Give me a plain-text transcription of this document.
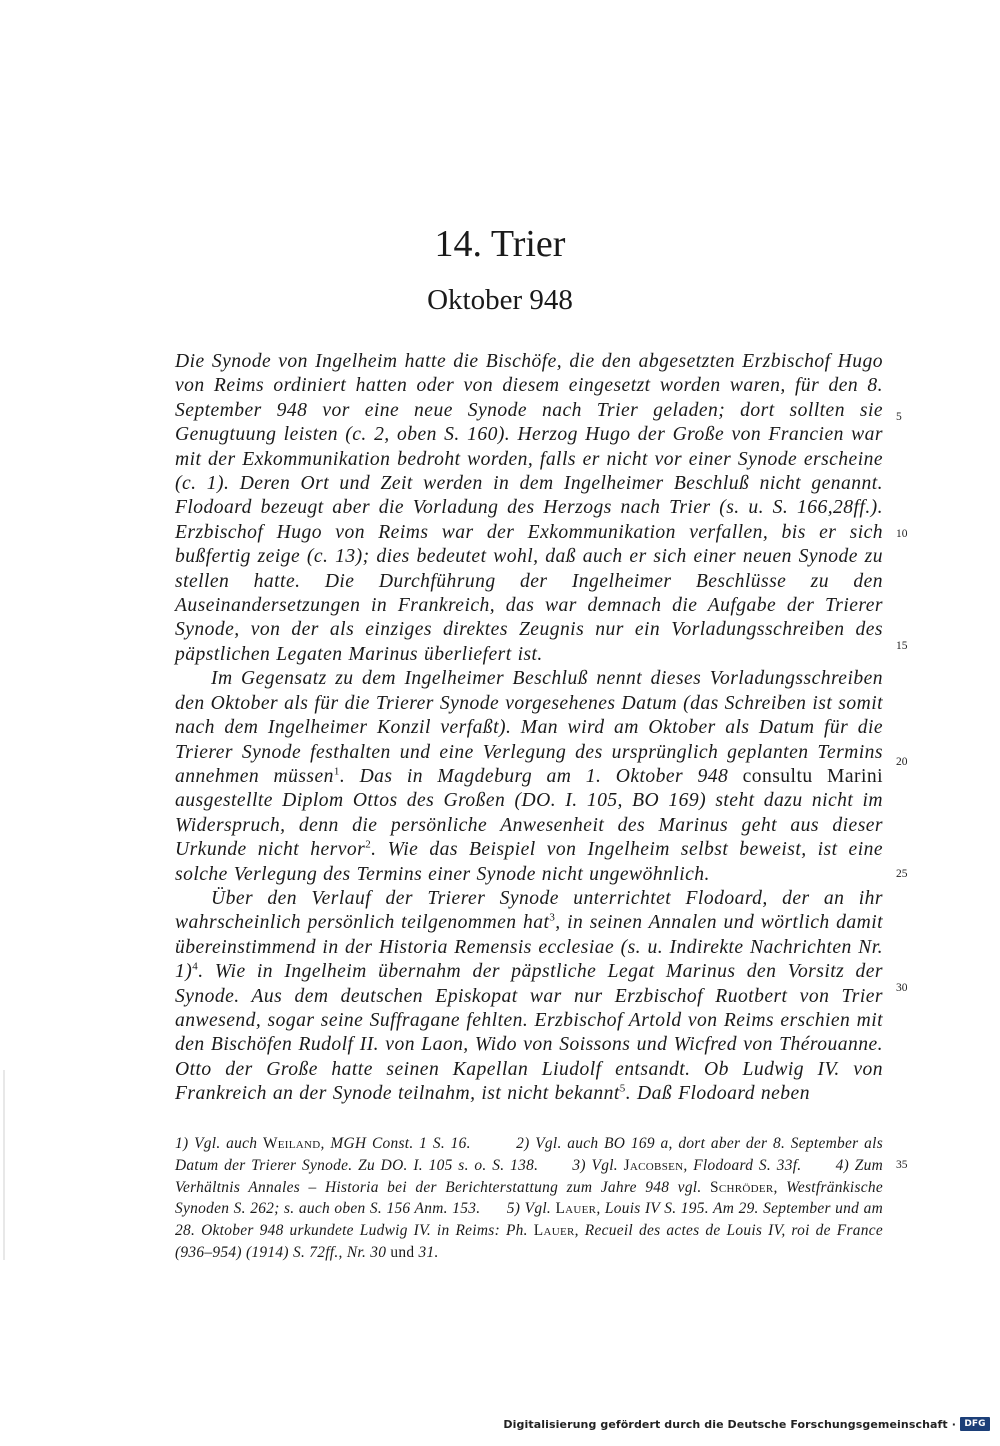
14. Trier
Oktober 948

Die Synode von Ingelheim hatte die Bischöfe, die den abgesetzten Erzbischof Hugo von Reims ordiniert hatten oder von diesem eingesetzt worden waren, für den 8. September 948 vor eine neue Synode nach Trier geladen; dort sollten sie Genugtuung leisten (c. 2, oben S. 160). Herzog Hugo der Große von Francien war mit der Exkommunikation bedroht worden, falls er nicht vor einer Synode erscheine (c. 1). Deren Ort und Zeit werden in dem Ingelheimer Beschluß nicht genannt. Flodoard bezeugt aber die Vorladung des Herzogs nach Trier (s. u. S. 166,28ff.). Erzbischof Hugo von Reims war der Exkommunikation verfallen, bis er sich bußfertig zeige (c. 13); dies bedeutet wohl, daß auch er sich einer neuen Synode zu stellen hatte. Die Durchführung der Ingelheimer Beschlüsse zu den Auseinandersetzungen in Frankreich, das war demnach die Aufgabe der Trierer Synode, von der als einziges direktes Zeugnis nur ein Vorladungsschreiben des päpstlichen Legaten Marinus überliefert ist.

Im Gegensatz zu dem Ingelheimer Beschluß nennt dieses Vorladungsschreiben den Oktober als für die Trierer Synode vorgesehenes Datum (das Schreiben ist somit nach dem Ingelheimer Konzil verfaßt). Man wird am Oktober als Datum für die Trierer Synode festhalten und eine Verlegung des ursprünglich geplanten Termins annehmen müssen$^1$. Das in Magdeburg am 1. Oktober 948 consultu Marini ausgestellte Diplom Ottos des Großen (DO. I. 105, BO 169) steht dazu nicht im Widerspruch, denn die persönliche Anwesenheit des Marinus geht aus dieser Urkunde nicht hervor$^2$. Wie das Beispiel von Ingelheim selbst beweist, ist eine solche Verlegung des Termins einer Synode nicht ungewöhnlich.

Über den Verlauf der Trierer Synode unterrichtet Flodoard, der an ihr wahrscheinlich persönlich teilgenommen hat$^3$, in seinen Annalen und wörtlich damit übereinstimmend in der Historia Remensis ecclesiae (s. u. Indirekte Nachrichten Nr. 1)$^4$. Wie in Ingelheim übernahm der päpstliche Legat Marinus den Vorsitz der Synode. Aus dem deutschen Episkopat war nur Erzbischof Ruotbert von Trier anwesend, sogar seine Suffragane fehlten. Erzbischof Artold von Reims erschien mit den Bischöfen Rudolf II. von Laon, Wido von Soissons und Wicfred von Thérouanne. Otto der Große hatte seinen Kapellan Liudolf entsandt. Ob Ludwig IV. von Frankreich an der Synode teilnahm, ist nicht bekannt$^5$. Daß Flodoard neben

5
10
15
20
25
30
35
1) Vgl. auch Weiland, MGH Const. 1 S. 16.	2) Vgl. auch BO 169 a, dort aber der 8. September als Datum der Trierer Synode. Zu DO. I. 105 s. o. S. 138. 3) Vgl. Jacobsen, Flodoard S. 33f. 4) Zum Verhältnis Annales – Historia bei der Berichterstattung zum Jahre 948 vgl. Schröder, Westfränkische Synoden S. 262; s. auch oben S. 156 Anm. 153. 5) Vgl. Lauer, Louis IV S. 195. Am 29. September und am 28. Oktober 948 urkundete Ludwig IV. in Reims: Ph. Lauer, Recueil des actes de Louis IV, roi de France (936–954) (1914) S. 72ff., Nr. 30 und 31.
Digitalisierung gefördert durch die Deutsche Forschungsgemeinschaft · DFG
